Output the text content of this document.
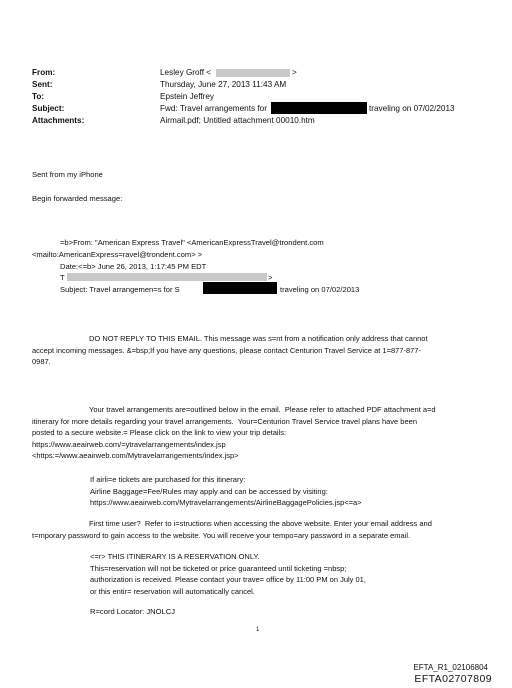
From:	Lesley Groff <	>
Sent:	Thursday, June 27, 2013 11:43 AM
To:	Epstein Jeffrey
Subject:	Fwd: Travel arrangements for	traveling on 07/02/2013
Attachments:	Airmail.pdf; Untitled attachment 00010.htm
Sent from my iPhone
Begin forwarded message:
=b>From: "American Express Travel" <AmericanExpressTravel@trondent.com
<mailto:AmericanExpress=ravel@trondent.com> >
Date:<=b> June 26, 2013, 1:17:45 PM EDT
T	>
Subject: Travel arrangemen=s for S	traveling on 07/02/2013
DO NOT REPLY TO THIS EMAIL. This message was s=nt from a notification only address that cannot
accept incoming messages. &=bsp;If you have any questions, please contact Centurion Travel Service at 1=877-877-
0987.
Your travel arrangements are=outlined below in the email.  Please refer to attached PDF attachment a=d
itinerary for more details regarding your travel arrangements.  Your=Centurion Travel Service travel plans have been
posted to a secure website.= Please click on the link to view your trip details:
https://www.aeairweb.com/=ytravelarrangements/index.jsp
<https:=/www.aeairweb.com/Mytravelarrangements/index.jsp>
If airli=e tickets are purchased for this itinerary:
Airline Baggage=Fee/Rules may apply and can be accessed by visiting:
https://www.aeairweb.com/Mytravelarrangements/AirlineBaggagePolicies.jsp<=a>
First time user?  Refer to i=structions when accessing the above website. Enter your email address and
t=mporary password to gain access to the website. You will receive your tempo=ary password in a separate email.
<=r> THIS ITINERARY IS A RESERVATION ONLY.
This=reservation will not be ticketed or price guaranteed until ticketing =nbsp;
authorization is received. Please contact your trave= office by 11:00 PM on July 01,
or this entir= reservation will automatically cancel.
R=cord Locator: JNOLCJ
1
EFTA_R1_02106804
EFTA02707809
